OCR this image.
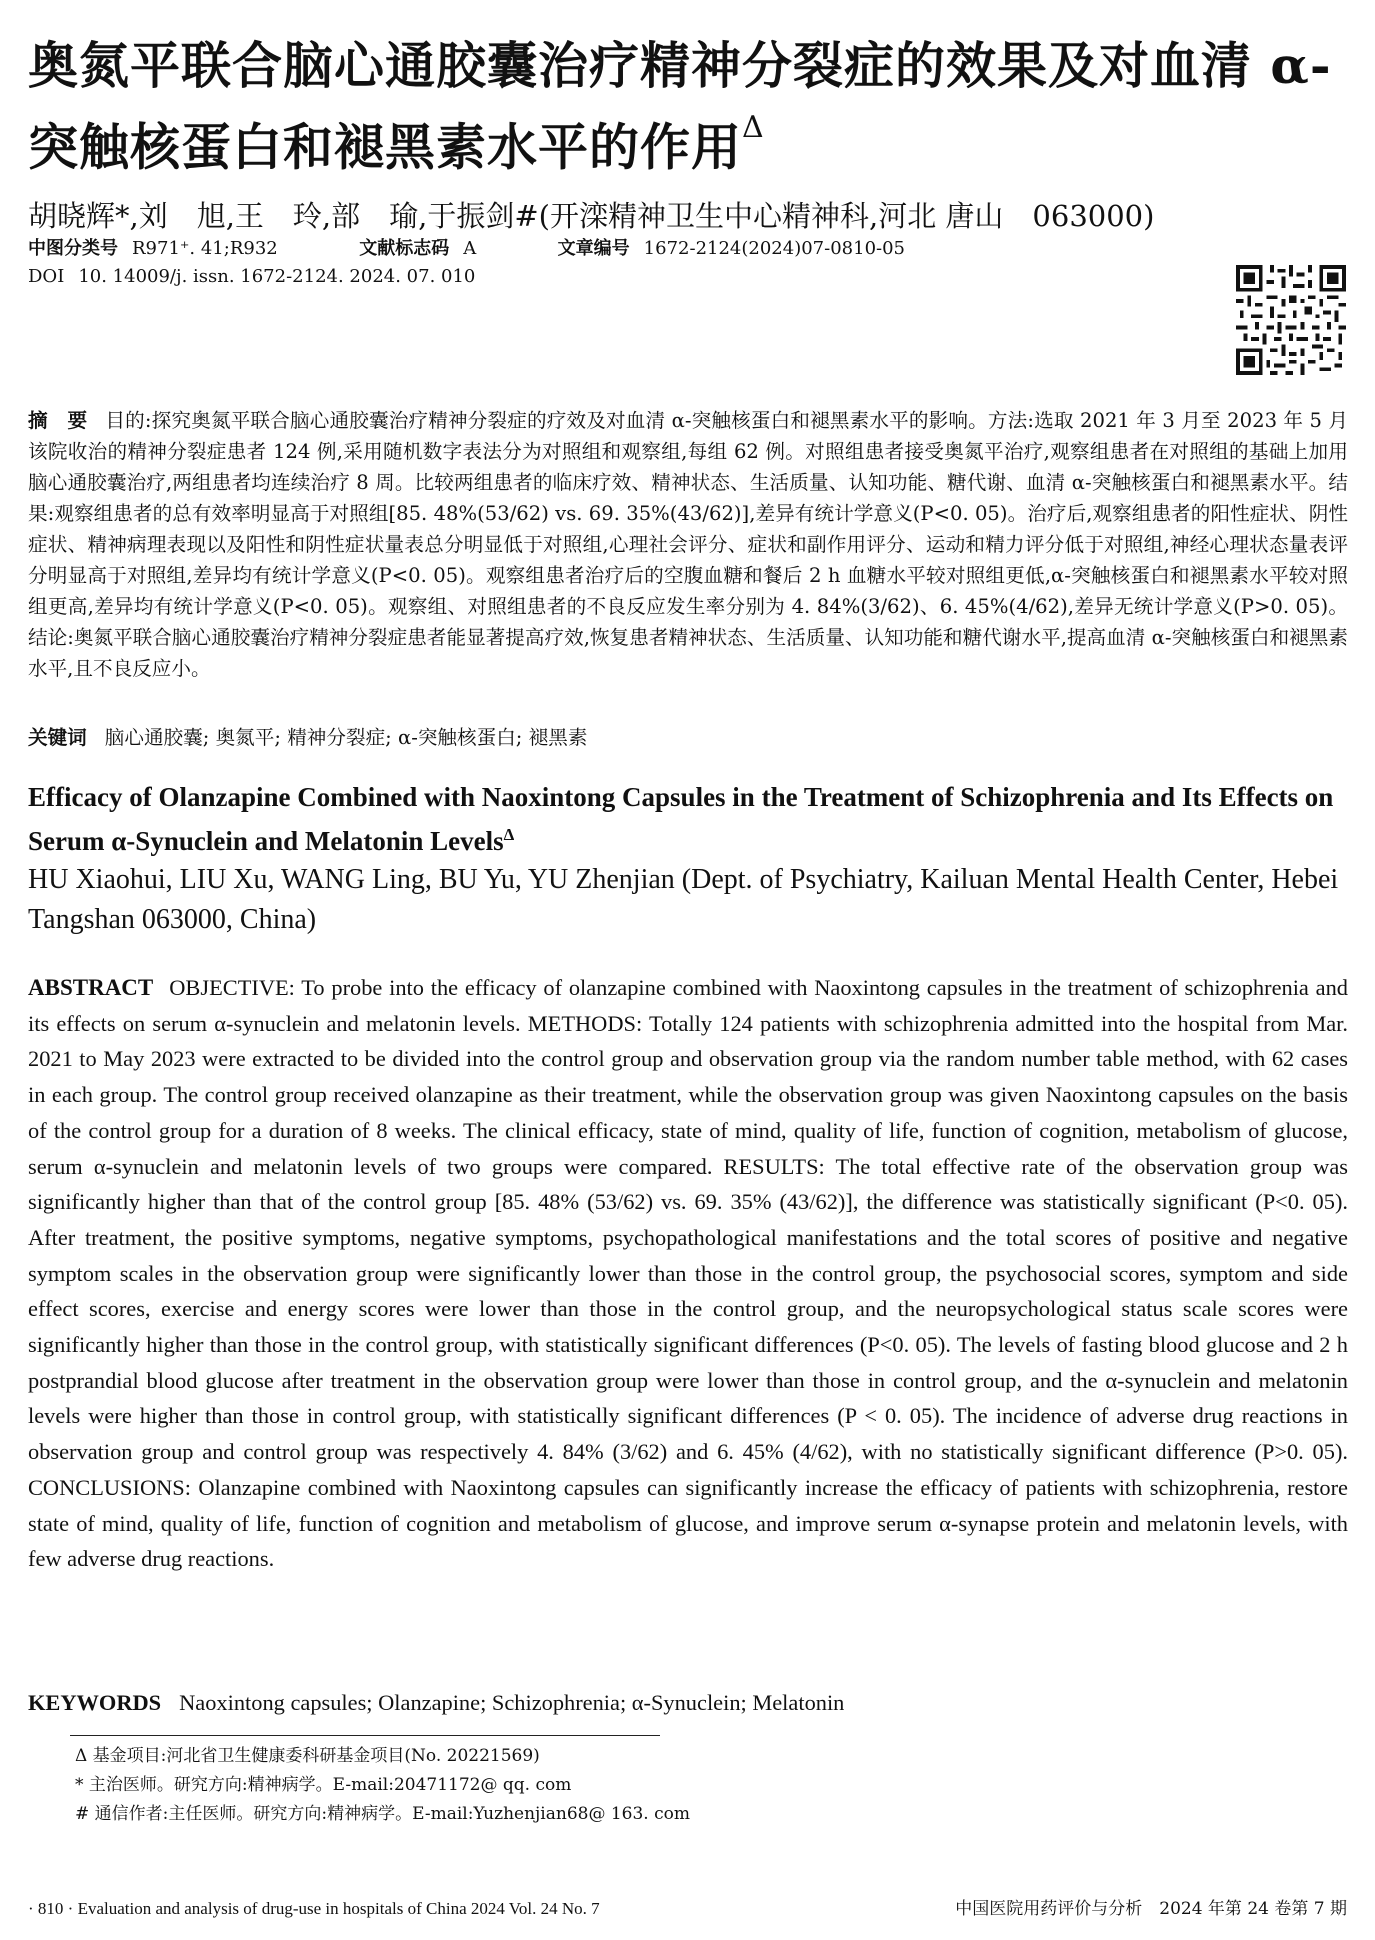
奥氮平联合脑心通胶囊治疗精神分裂症的效果及对血清 α-突触核蛋白和褪黑素水平的作用$^\Delta$
胡晓辉*,刘　旭,王　玲,部　瑜,于振剑#(开滦精神卫生中心精神科,河北 唐山　063000)
中图分类号 R971⁺. 41;R932	文献标志码 A	文章编号 1672-2124(2024)07-0810-05
DOI 10. 14009/j. issn. 1672-2124. 2024. 07. 010

摘　要 目的:探究奥氮平联合脑心通胶囊治疗精神分裂症的疗效及对血清 α-突触核蛋白和褪黑素水平的影响。方法:选取 2021 年 3 月至 2023 年 5 月该院收治的精神分裂症患者 124 例,采用随机数字表法分为对照组和观察组,每组 62 例。对照组患者接受奥氮平治疗,观察组患者在对照组的基础上加用脑心通胶囊治疗,两组患者均连续治疗 8 周。比较两组患者的临床疗效、精神状态、生活质量、认知功能、糖代谢、血清 α-突触核蛋白和褪黑素水平。结果:观察组患者的总有效率明显高于对照组[85. 48%(53/62) vs. 69. 35%(43/62)],差异有统计学意义(P<0. 05)。治疗后,观察组患者的阳性症状、阴性症状、精神病理表现以及阳性和阴性症状量表总分明显低于对照组,心理社会评分、症状和副作用评分、运动和精力评分低于对照组,神经心理状态量表评分明显高于对照组,差异均有统计学意义(P<0. 05)。观察组患者治疗后的空腹血糖和餐后 2 h 血糖水平较对照组更低,α-突触核蛋白和褪黑素水平较对照组更高,差异均有统计学意义(P<0. 05)。观察组、对照组患者的不良反应发生率分别为 4. 84%(3/62)、6. 45%(4/62),差异无统计学意义(P>0. 05)。结论:奥氮平联合脑心通胶囊治疗精神分裂症患者能显著提高疗效,恢复患者精神状态、生活质量、认知功能和糖代谢水平,提高血清 α-突触核蛋白和褪黑素水平,且不良反应小。

关键词 脑心通胶囊; 奥氮平; 精神分裂症; α-突触核蛋白; 褪黑素
Efficacy of Olanzapine Combined with Naoxintong Capsules in the Treatment of Schizophrenia and Its Effects on Serum α-Synuclein and Melatonin Levels$^\Delta$

HU Xiaohui, LIU Xu, WANG Ling, BU Yu, YU Zhenjian (Dept. of Psychiatry, Kailuan Mental Health Center, Hebei Tangshan 063000, China)

ABSTRACT OBJECTIVE: To probe into the efficacy of olanzapine combined with Naoxintong capsules in the treatment of schizophrenia and its effects on serum α-synuclein and melatonin levels. METHODS: Totally 124 patients with schizophrenia admitted into the hospital from Mar. 2021 to May 2023 were extracted to be divided into the control group and observation group via the random number table method, with 62 cases in each group. The control group received olanzapine as their treatment, while the observation group was given Naoxintong capsules on the basis of the control group for a duration of 8 weeks. The clinical efficacy, state of mind, quality of life, function of cognition, metabolism of glucose, serum α-synuclein and melatonin levels of two groups were compared. RESULTS: The total effective rate of the observation group was significantly higher than that of the control group [85. 48% (53/62) vs. 69. 35% (43/62)], the difference was statistically significant (P<0. 05). After treatment, the positive symptoms, negative symptoms, psychopathological manifestations and the total scores of positive and negative symptom scales in the observation group were significantly lower than those in the control group, the psychosocial scores, symptom and side effect scores, exercise and energy scores were lower than those in the control group, and the neuropsychological status scale scores were significantly higher than those in the control group, with statistically significant differences (P<0. 05). The levels of fasting blood glucose and 2 h postprandial blood glucose after treatment in the observation group were lower than those in control group, and the α-synuclein and melatonin levels were higher than those in control group, with statistically significant differences (P < 0. 05). The incidence of adverse drug reactions in observation group and control group was respectively 4. 84% (3/62) and 6. 45% (4/62), with no statistically significant difference (P>0. 05). CONCLUSIONS: Olanzapine combined with Naoxintong capsules can significantly increase the efficacy of patients with schizophrenia, restore state of mind, quality of life, function of cognition and metabolism of glucose, and improve serum α-synapse protein and melatonin levels, with few adverse drug reactions.

KEYWORDS Naoxintong capsules; Olanzapine; Schizophrenia; α-Synuclein; Melatonin
Δ 基金项目:河北省卫生健康委科研基金项目(No. 20221569)
* 主治医师。研究方向:精神病学。E-mail:20471172@ qq. com
# 通信作者:主任医师。研究方向:精神病学。E-mail:Yuzhenjian68@ 163. com
· 810 · Evaluation and analysis of drug-use in hospitals of China 2024 Vol. 24 No. 7	中国医院用药评价与分析　2024 年第 24 卷第 7 期
